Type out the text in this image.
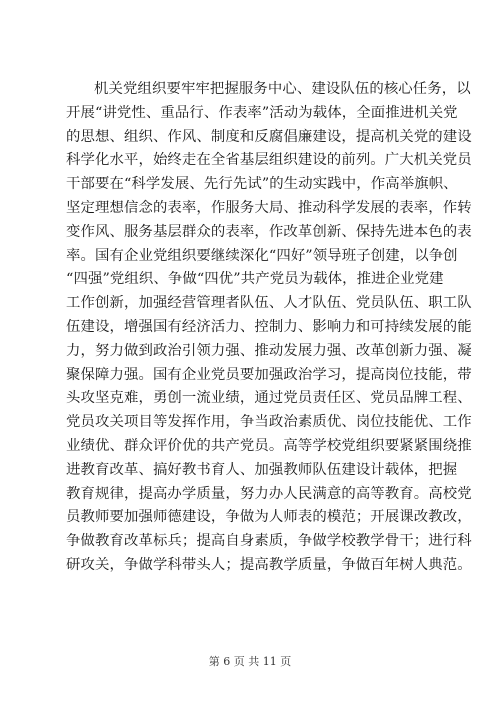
机关党组织要牢牢把握服务中心、建设队伍的核心任务，以
开展“讲党性、重品行、作表率”活动为载体，全面推进机关党
的思想、组织、作风、制度和反腐倡廉建设，提高机关党的建设
科学化水平，始终走在全省基层组织建设的前列。广大机关党员
干部要在“科学发展、先行先试”的生动实践中，作高举旗帜、
坚定理想信念的表率，作服务大局、推动科学发展的表率，作转
变作风、服务基层群众的表率，作改革创新、保持先进本色的表
率。国有企业党组织要继续深化“四好”领导班子创建，以争创
“四强”党组织、争做“四优”共产党员为载体，推进企业党建
工作创新，加强经营管理者队伍、人才队伍、党员队伍、职工队
伍建设，增强国有经济活力、控制力、影响力和可持续发展的能
力，努力做到政治引领力强、推动发展力强、改革创新力强、凝
聚保障力强。国有企业党员要加强政治学习，提高岗位技能，带
头攻坚克难，勇创一流业绩，通过党员责任区、党员品牌工程、
党员攻关项目等发挥作用，争当政治素质优、岗位技能优、工作
业绩优、群众评价优的共产党员。高等学校党组织要紧紧围绕推
进教育改革、搞好教书育人、加强教师队伍建设计载体，把握
教育规律，提高办学质量，努力办人民满意的高等教育。高校党
员教师要加强师德建设，争做为人师表的模范；开展课改教改，
争做教育改革标兵；提高自身素质，争做学校教学骨干；进行科
研攻关，争做学科带头人；提高教学质量，争做百年树人典范。
第 6 页 共 11 页
